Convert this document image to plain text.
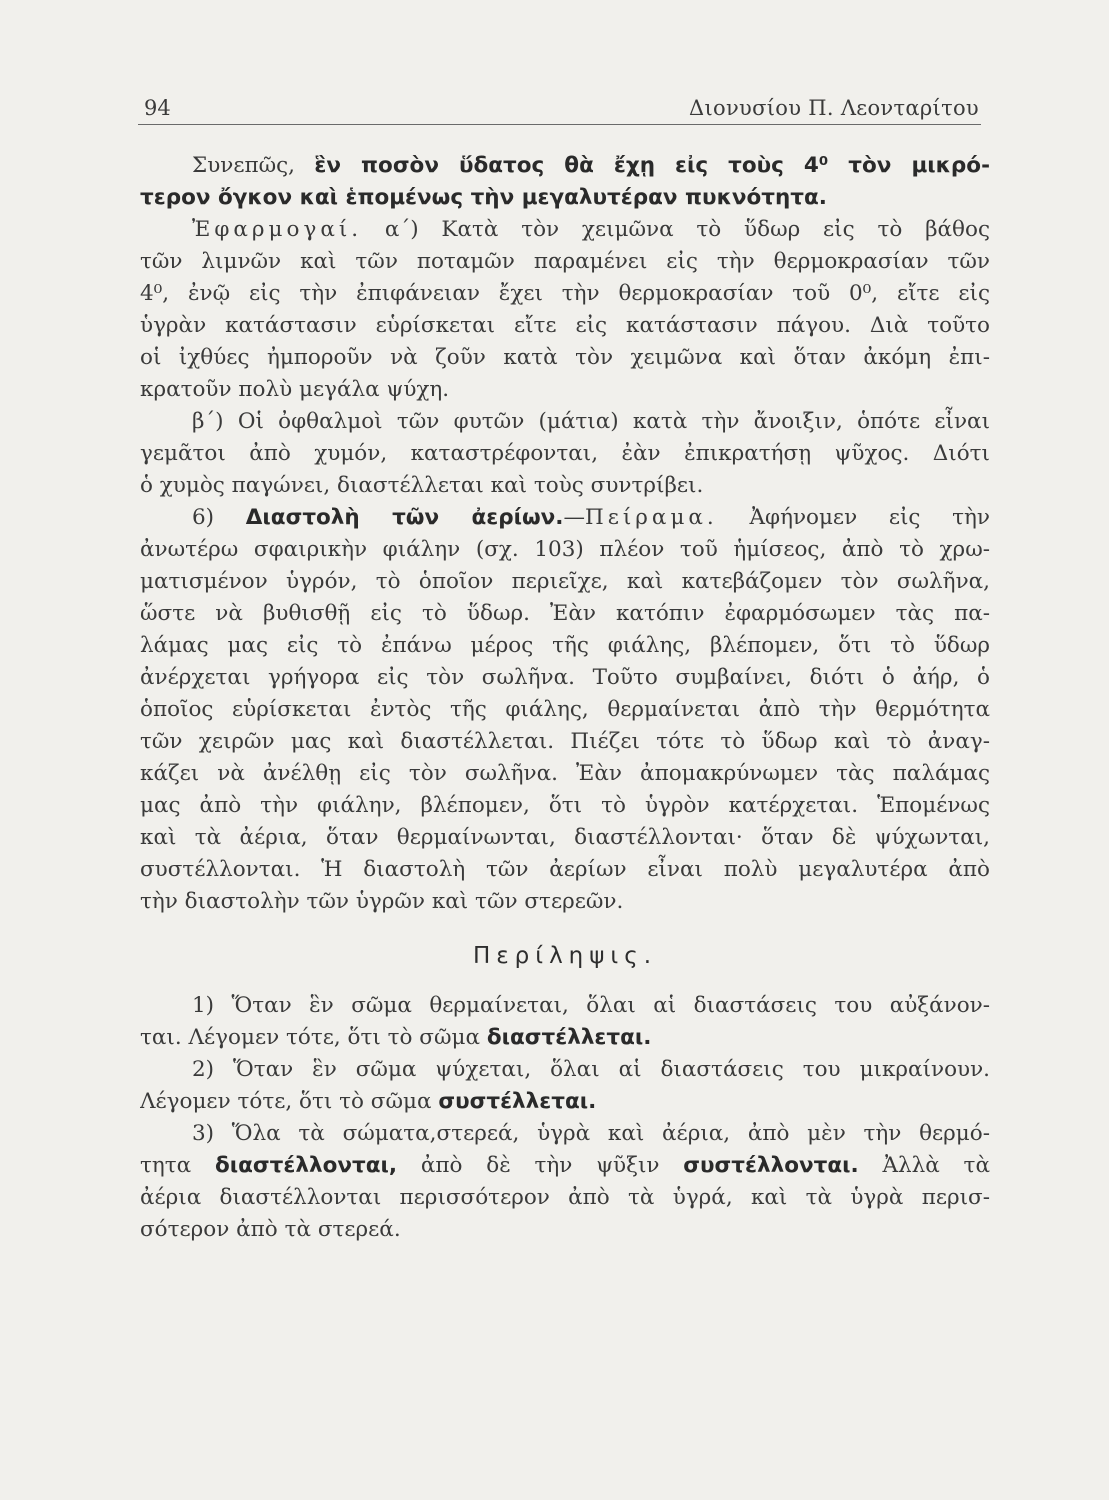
94	Διονυσίου Π. Λεονταρίτου
Συνεπῶς, ἓν ποσὸν ὕδατος θὰ ἔχῃ εἰς τοὺς 4⁰ τὸν μικρό-
τερον ὄγκον καὶ ἑπομένως τὴν μεγαλυτέραν πυκνότητα.
Ἐφαρμογαί. α΄) Κατὰ τὸν χειμῶνα τὸ ὕδωρ εἰς τὸ βάθος
τῶν λιμνῶν καὶ τῶν ποταμῶν παραμένει εἰς τὴν θερμοκρασίαν τῶν
4⁰, ἐνῷ εἰς τὴν ἐπιφάνειαν ἔχει τὴν θερμοκρασίαν τοῦ 0⁰, εἴτε εἰς
ὑγρὰν κατάστασιν εὑρίσκεται εἴτε εἰς κατάστασιν πάγου. Διὰ τοῦτο
οἱ ἰχθύες ἠμποροῦν νὰ ζοῦν κατὰ τὸν χειμῶνα καὶ ὅταν ἀκόμη ἐπι-
κρατοῦν πολὺ μεγάλα ψύχη.
β΄) Οἱ ὀφθαλμοὶ τῶν φυτῶν (μάτια) κατὰ τὴν ἄνοιξιν, ὁπότε εἶναι
γεμᾶτοι ἀπὸ χυμόν, καταστρέφονται, ἐὰν ἐπικρατήσῃ ψῦχος. Διότι
ὁ χυμὸς παγώνει, διαστέλλεται καὶ τοὺς συντρίβει.
6) Διαστολὴ τῶν ἀερίων.—Πείραμα. Ἀφήνομεν εἰς τὴν
ἀνωτέρω σφαιρικὴν φιάλην (σχ. 103) πλέον τοῦ ἡμίσεος, ἀπὸ τὸ χρω-
ματισμένον ὑγρόν, τὸ ὁποῖον περιεῖχε, καὶ κατεβάζομεν τὸν σωλῆνα,
ὥστε νὰ βυθισθῇ εἰς τὸ ὕδωρ. Ἐὰν κατόπιν ἐφαρμόσωμεν τὰς πα-
λάμας μας εἰς τὸ ἐπάνω μέρος τῆς φιάλης, βλέπομεν, ὅτι τὸ ὕδωρ
ἀνέρχεται γρήγορα εἰς τὸν σωλῆνα. Τοῦτο συμβαίνει, διότι ὁ ἀήρ, ὁ
ὁποῖος εὑρίσκεται ἐντὸς τῆς φιάλης, θερμαίνεται ἀπὸ τὴν θερμότητα
τῶν χειρῶν μας καὶ διαστέλλεται. Πιέζει τότε τὸ ὕδωρ καὶ τὸ ἀναγ-
κάζει νὰ ἀνέλθῃ εἰς τὸν σωλῆνα. Ἐὰν ἀπομακρύνωμεν τὰς παλάμας
μας ἀπὸ τὴν φιάλην, βλέπομεν, ὅτι τὸ ὑγρὸν κατέρχεται. Ἑπομένως
καὶ τὰ ἀέρια, ὅταν θερμαίνωνται, διαστέλλονται· ὅταν δὲ ψύχωνται,
συστέλλονται. Ἡ διαστολὴ τῶν ἀερίων εἶναι πολὺ μεγαλυτέρα ἀπὸ
τὴν διαστολὴν τῶν ὑγρῶν καὶ τῶν στερεῶν.
Περίληψις.
1) Ὅταν ἓν σῶμα θερμαίνεται, ὅλαι αἱ διαστάσεις του αὐξάνον-
ται. Λέγομεν τότε, ὅτι τὸ σῶμα διαστέλλεται.
2) Ὅταν ἓν σῶμα ψύχεται, ὅλαι αἱ διαστάσεις του μικραίνουν.
Λέγομεν τότε, ὅτι τὸ σῶμα συστέλλεται.
3) Ὅλα τὰ σώματα,στερεά, ὑγρὰ καὶ ἀέρια, ἀπὸ μὲν τὴν θερμό-
τητα διαστέλλονται, ἀπὸ δὲ τὴν ψῦξιν συστέλλονται. Ἀλλὰ τὰ
ἀέρια διαστέλλονται περισσότερον ἀπὸ τὰ ὑγρά, καὶ τὰ ὑγρὰ περισ-
σότερον ἀπὸ τὰ στερεά.
